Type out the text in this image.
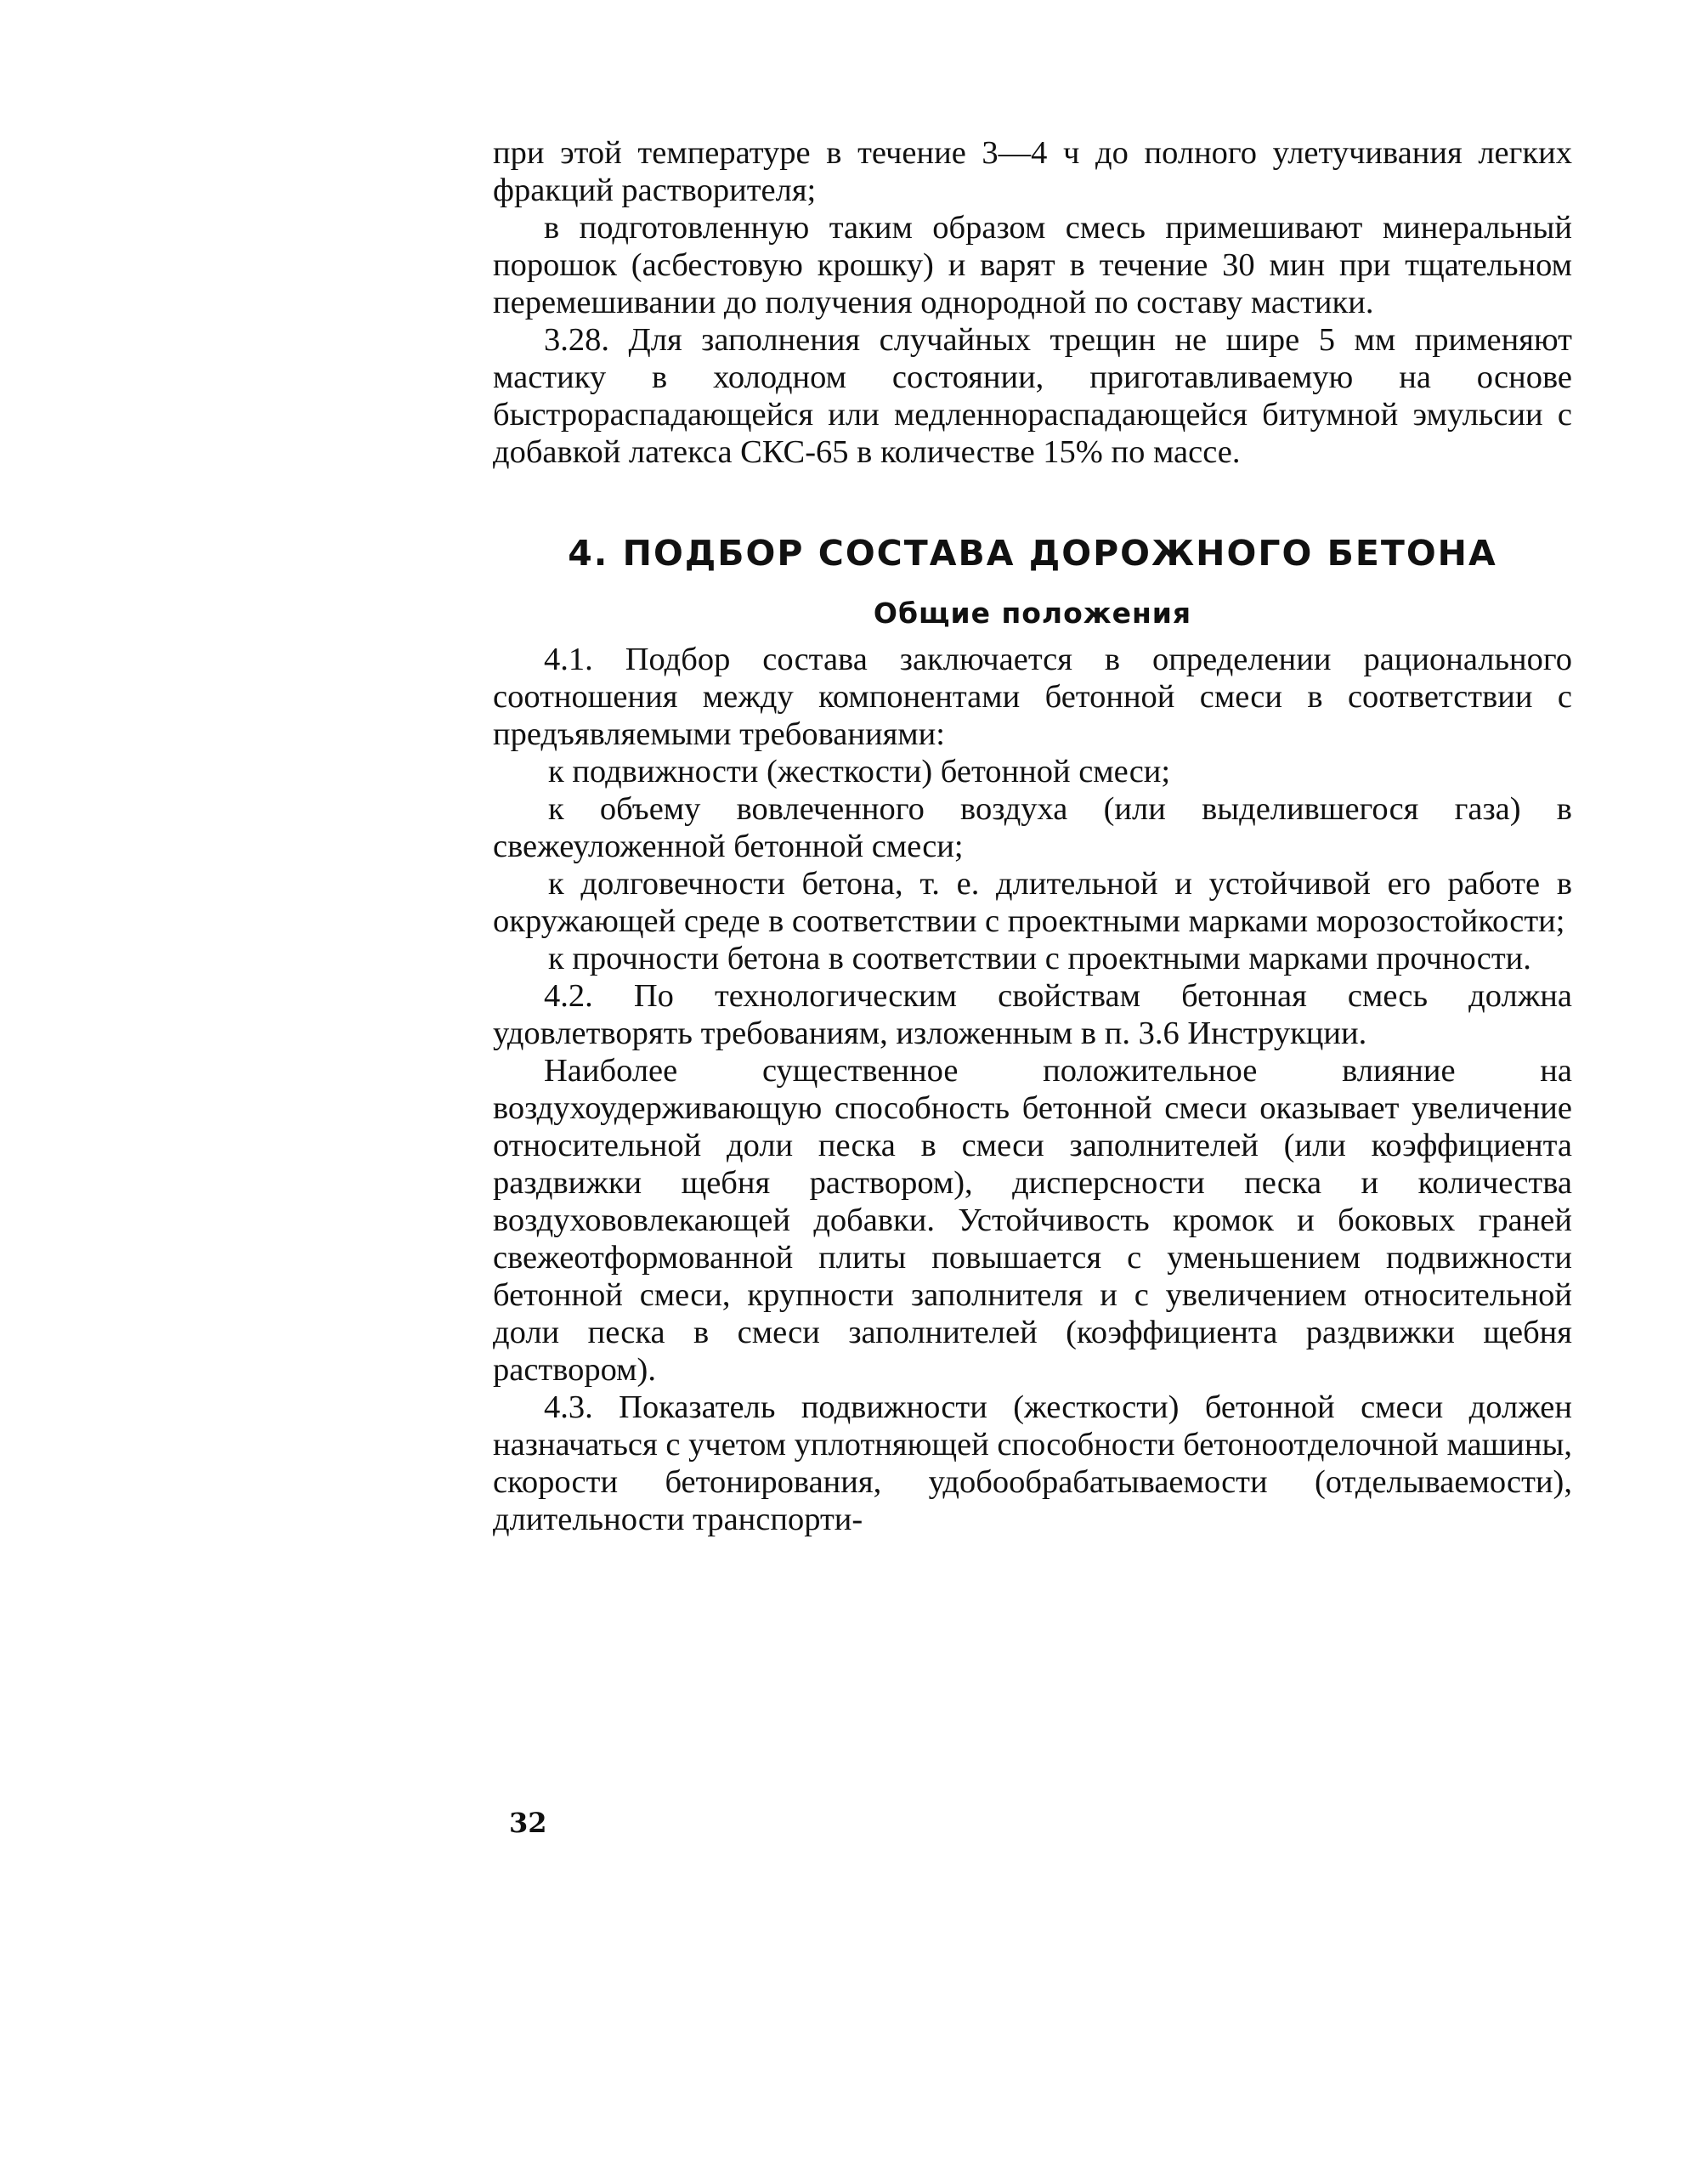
при этой температуре в течение 3—4 ч до полного улетучивания легких фракций растворителя;

в подготовленную таким образом смесь примешивают минеральный порошок (асбестовую крошку) и варят в течение 30 мин при тщательном перемешивании до получения однородной по составу мастики.

3.28. Для заполнения случайных трещин не шире 5 мм применяют мастику в холодном состоянии, приготавливаемую на основе быстрораспадающейся или медленнораспадающейся битумной эмульсии с добавкой латекса СКС-65 в количестве 15% по массе.

4. ПОДБОР СОСТАВА ДОРОЖНОГО БЕТОНА

Общие положения

4.1. Подбор состава заключается в определении рационального соотношения между компонентами бетонной смеси в соответствии с предъявляемыми требованиями:

к подвижности (жесткости) бетонной смеси;

к объему вовлеченного воздуха (или выделившегося газа) в свежеуложенной бетонной смеси;

к долговечности бетона, т. е. длительной и устойчивой его работе в окружающей среде в соответствии с проектными марками морозостойкости;

к прочности бетона в соответствии с проектными марками прочности.

4.2. По технологическим свойствам бетонная смесь должна удовлетворять требованиям, изложенным в п. 3.6 Инструкции.

Наиболее существенное положительное влияние на воздухоудерживающую способность бетонной смеси оказывает увеличение относительной доли песка в смеси заполнителей (или коэффициента раздвижки щебня раствором), дисперсности песка и количества воздухововлекающей добавки. Устойчивость кромок и боковых граней свежеотформованной плиты повышается с уменьшением подвижности бетонной смеси, крупности заполнителя и с увеличением относительной доли песка в смеси заполнителей (коэффициента раздвижки щебня раствором).

4.3. Показатель подвижности (жесткости) бетонной смеси должен назначаться с учетом уплотняющей способности бетоноотделочной машины, скорости бетонирования, удобообрабатываемости (отделываемости), длительности транспорти-

32
